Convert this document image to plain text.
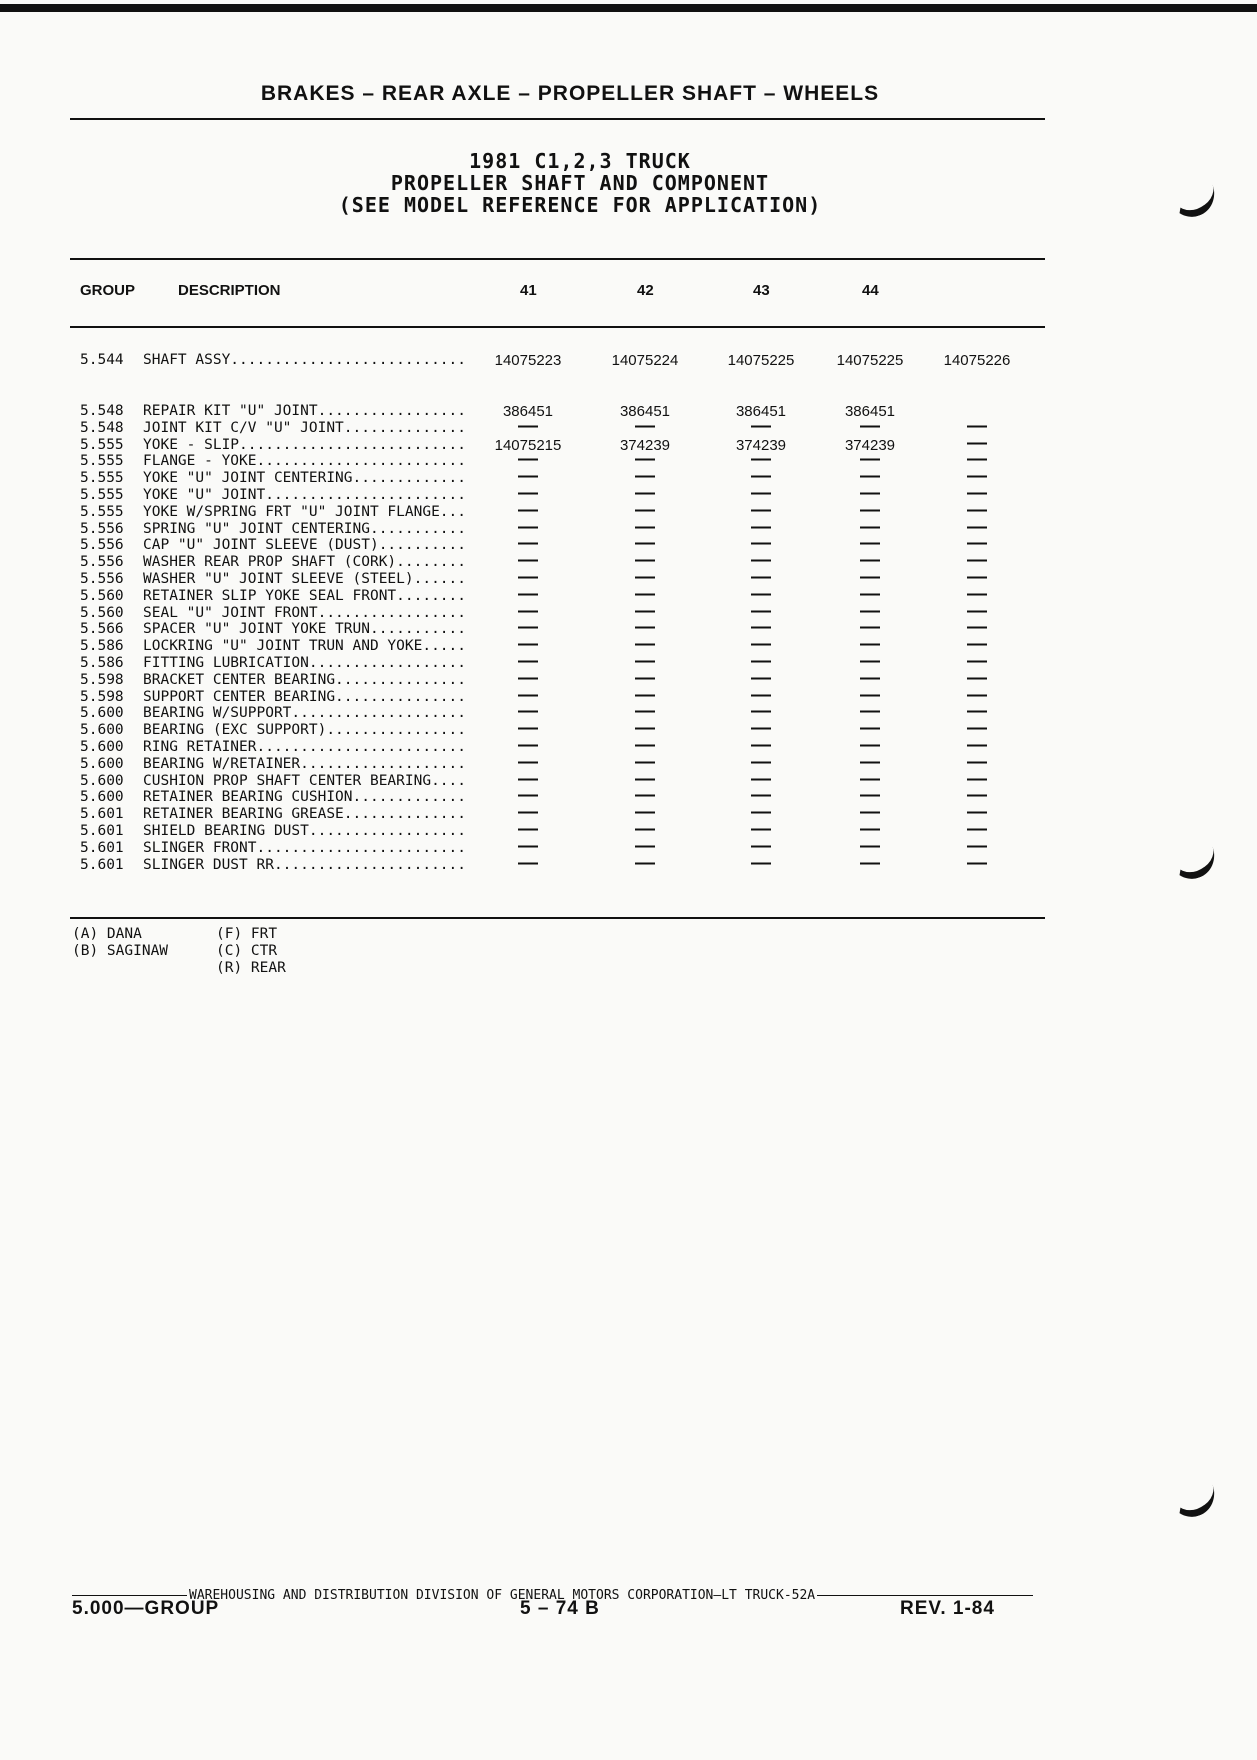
BRAKES – REAR AXLE – PROPELLER SHAFT – WHEELS
1981 C1,2,3 TRUCK
PROPELLER SHAFT AND COMPONENT
(SEE MODEL REFERENCE FOR APPLICATION)
GROUP	DESCRIPTION	41	42	43	44
5.544	SHAFT ASSY...........................	14075223	14075224	14075225	14075225	14075226
5.548	REPAIR KIT "U" JOINT.................	386451	386451	386451	386451
5.548	JOINT KIT C/V "U" JOINT..............	—	—	—	—	—
5.555	YOKE - SLIP..........................	14075215	374239	374239	374239	—
5.555	FLANGE - YOKE........................	—	—	—	—	—
5.555	YOKE "U" JOINT CENTERING.............	—	—	—	—	—
5.555	YOKE "U" JOINT.......................	—	—	—	—	—
5.555	YOKE W/SPRING FRT "U" JOINT FLANGE...	—	—	—	—	—
5.556	SPRING "U" JOINT CENTERING...........	—	—	—	—	—
5.556	CAP "U" JOINT SLEEVE (DUST)..........	—	—	—	—	—
5.556	WASHER REAR PROP SHAFT (CORK)........	—	—	—	—	—
5.556	WASHER "U" JOINT SLEEVE (STEEL)......	—	—	—	—	—
5.560	RETAINER SLIP YOKE SEAL FRONT........	—	—	—	—	—
5.560	SEAL "U" JOINT FRONT.................	—	—	—	—	—
5.566	SPACER "U" JOINT YOKE TRUN...........	—	—	—	—	—
5.586	LOCKRING "U" JOINT TRUN AND YOKE.....	—	—	—	—	—
5.586	FITTING LUBRICATION..................	—	—	—	—	—
5.598	BRACKET CENTER BEARING...............	—	—	—	—	—
5.598	SUPPORT CENTER BEARING...............	—	—	—	—	—
5.600	BEARING W/SUPPORT....................	—	—	—	—	—
5.600	BEARING (EXC SUPPORT)................	—	—	—	—	—
5.600	RING RETAINER........................	—	—	—	—	—
5.600	BEARING W/RETAINER...................	—	—	—	—	—
5.600	CUSHION PROP SHAFT CENTER BEARING....	—	—	—	—	—
5.600	RETAINER BEARING CUSHION.............	—	—	—	—	—
5.601	RETAINER BEARING GREASE..............	—	—	—	—	—
5.601	SHIELD BEARING DUST..................	—	—	—	—	—
5.601	SLINGER FRONT........................	—	—	—	—	—
5.601	SLINGER DUST RR......................	—	—	—	—	—
(A) DANA
(B) SAGINAW
(F) FRT
(C) CTR
(R) REAR
WAREHOUSING AND DISTRIBUTION DIVISION OF GENERAL MOTORS CORPORATION—LT TRUCK-52A
5.000—GROUP	5 – 74 B	REV. 1-84
